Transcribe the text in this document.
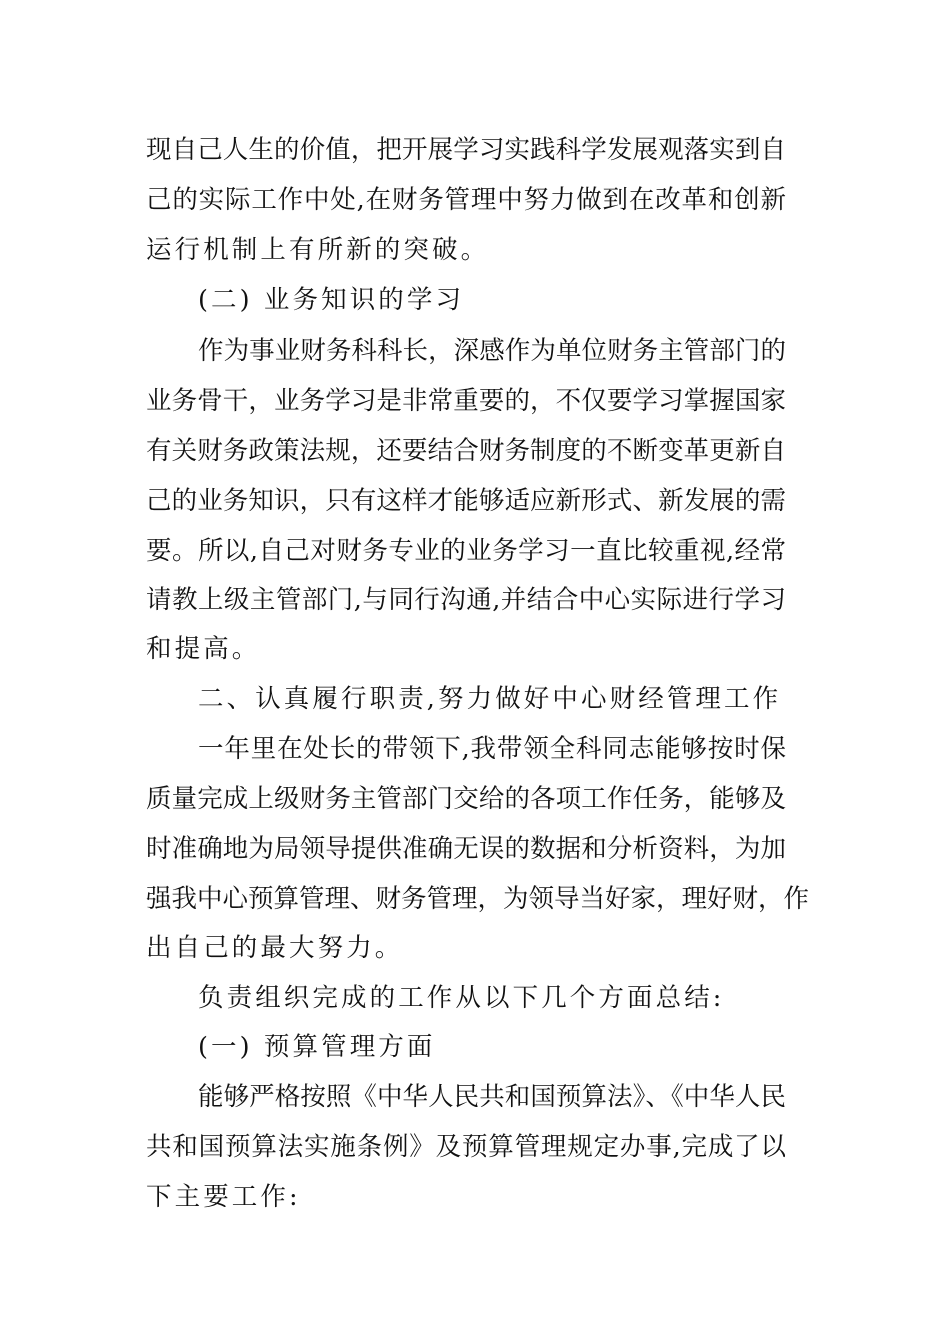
现自己人生的价值，把开展学习实践科学发展观落实到自
己的实际工作中处,在财务管理中努力做到在改革和创新
运行机制上有所新的突破。
(二) 业务知识的学习
作为事业财务科科长，深感作为单位财务主管部门的
业务骨干，业务学习是非常重要的，不仅要学习掌握国家
有关财务政策法规，还要结合财务制度的不断变革更新自
己的业务知识，只有这样才能够适应新形式、新发展的需
要。所以,自己对财务专业的业务学习一直比较重视,经常
请教上级主管部门,与同行沟通,并结合中心实际进行学习
和提高。
二、认真履行职责,努力做好中心财经管理工作
一年里在处长的带领下,我带领全科同志能够按时保
质量完成上级财务主管部门交给的各项工作任务，能够及
时准确地为局领导提供准确无误的数据和分析资料，为加
强我中心预算管理、财务管理，为领导当好家，理好财，作
出自己的最大努力。
负责组织完成的工作从以下几个方面总结:
(一) 预算管理方面
能够严格按照《中华人民共和国预算法》、《中华人民
共和国预算法实施条例》及预算管理规定办事,完成了以
下主要工作:
